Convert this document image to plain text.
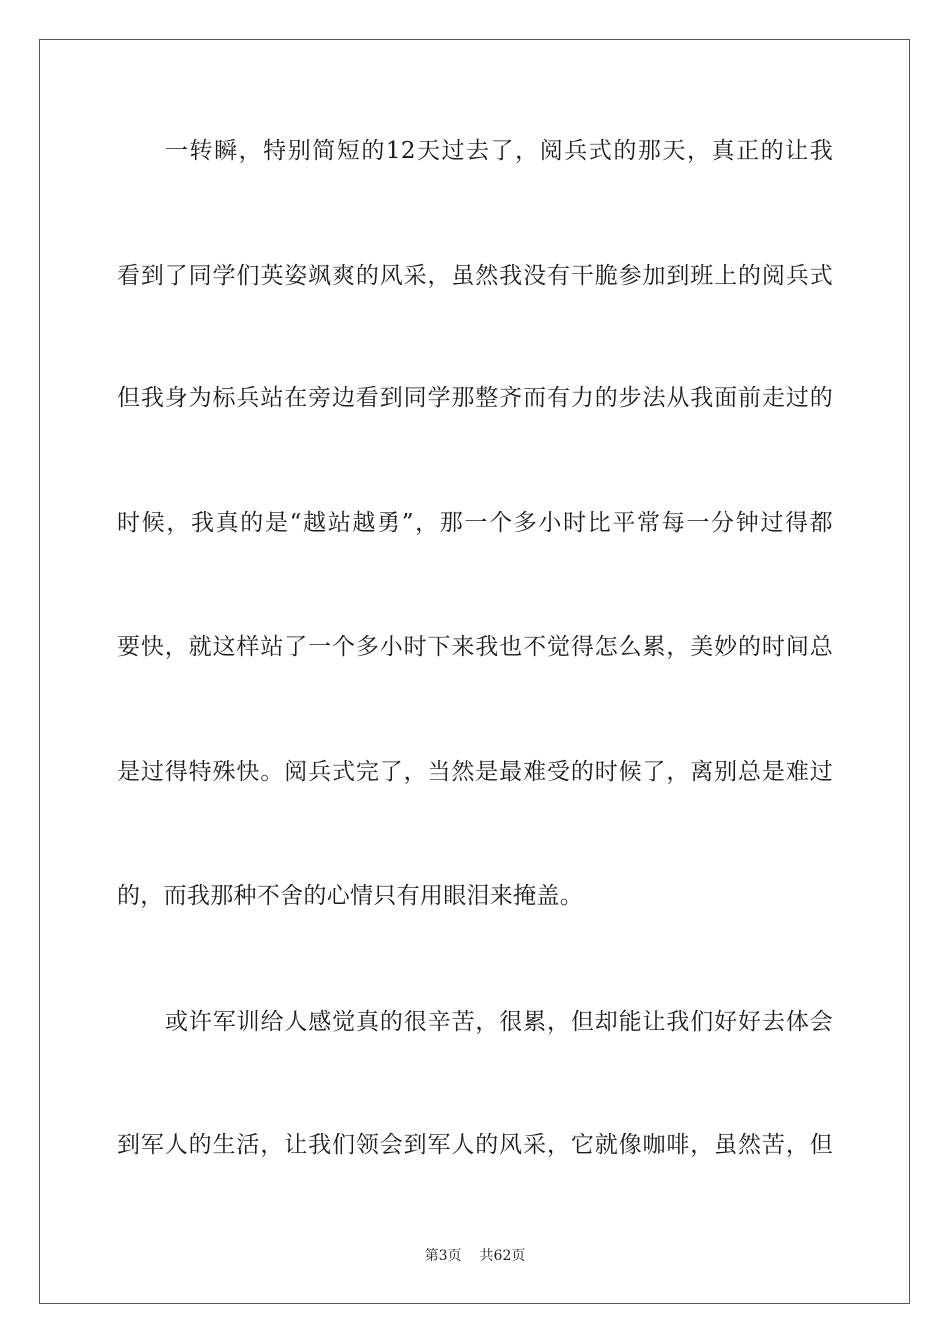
一转瞬，特别简短的12天过去了，阅兵式的那天，真正的让我
看到了同学们英姿飒爽的风采，虽然我没有干脆参加到班上的阅兵式
但我身为标兵站在旁边看到同学那整齐而有力的步法从我面前走过的
时候，我真的是“越站越勇”，那一个多小时比平常每一分钟过得都
要快，就这样站了一个多小时下来我也不觉得怎么累，美妙的时间总
是过得特殊快。阅兵式完了，当然是最难受的时候了，离别总是难过
的，而我那种不舍的心情只有用眼泪来掩盖。
或许军训给人感觉真的很辛苦，很累，但却能让我们好好去体会
到军人的生活，让我们领会到军人的风采，它就像咖啡，虽然苦，但
第3页 共62页
